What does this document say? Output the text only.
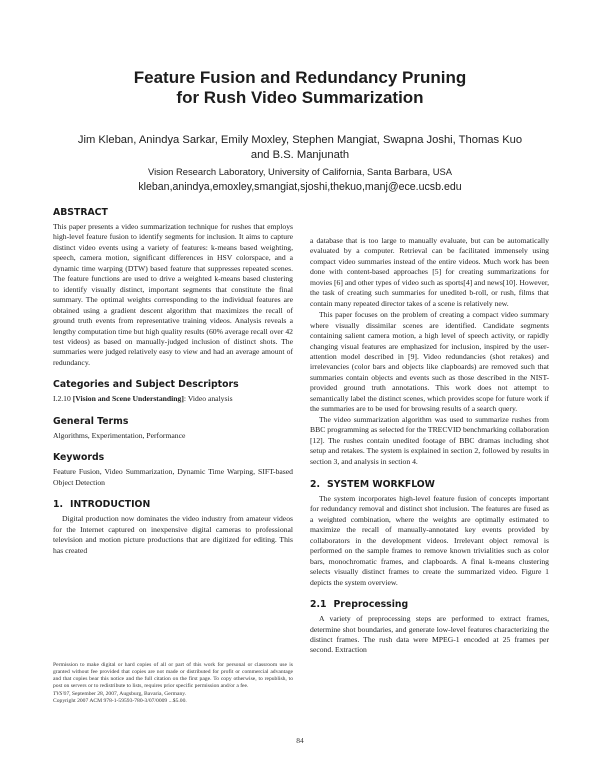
Feature Fusion and Redundancy Pruning
for Rush Video Summarization
Jim Kleban, Anindya Sarkar, Emily Moxley, Stephen Mangiat, Swapna Joshi, Thomas Kuo
and B.S. Manjunath
Vision Research Laboratory, University of California, Santa Barbara, USA
kleban,anindya,emoxley,smangiat,sjoshi,thekuo,manj@ece.ucsb.edu
ABSTRACT

This paper presents a video summarization technique for rushes that employs high-level feature fusion to identify segments for inclusion. It aims to capture distinct video events using a variety of features: k-means based weighting, speech, camera motion, significant differences in HSV colorspace, and a dynamic time warping (DTW) based feature that suppresses repeated scenes. The feature functions are used to drive a weighted k-means based clustering to identify visually distinct, important segments that constitute the final summary. The optimal weights corresponding to the individual features are obtained using a gradient descent algorithm that maximizes the recall of ground truth events from representative training videos. Analysis reveals a lengthy computation time but high quality results (60% average recall over 42 test videos) as based on manually-judged inclusion of distinct shots. The summaries were judged relatively easy to view and had an average amount of redundancy.

Categories and Subject Descriptors

I.2.10 [Vision and Scene Understanding]: Video analysis

General Terms

Algorithms, Experimentation, Performance

Keywords

Feature Fusion, Video Summarization, Dynamic Time Warping, SIFT-based Object Detection

1. INTRODUCTION

Digital production now dominates the video industry from amateur videos for the Internet captured on inexpensive digital cameras to professional television and motion picture productions that are digitized for editing. This has created

Permission to make digital or hard copies of all or part of this work for personal or classroom use is granted without fee provided that copies are not made or distributed for profit or commercial advantage and that copies bear this notice and the full citation on the first page. To copy otherwise, to republish, to post on servers or to redistribute to lists, requires prior specific permission and/or a fee.
TVS'07, September 28, 2007, Augsburg, Bavaria, Germany.
Copyright 2007 ACM 978-1-59593-780-3/07/0009 ...$5.00.

a database that is too large to manually evaluate, but can be automatically evaluated by a computer. Retrieval can be facilitated immensely using compact video summaries instead of the entire videos. Much work has been done with content-based approaches [5] for creating summarizations for movies [6] and other types of video such as sports[4] and news[10]. However, the task of creating such summaries for unedited b-roll, or rush, films that contain many repeated director takes of a scene is relatively new.

This paper focuses on the problem of creating a compact video summary where visually dissimilar scenes are identified. Candidate segments containing salient camera motion, a high level of speech activity, or rapidly changing visual features are emphasized for inclusion, inspired by the user-attention model described in [9]. Video redundancies (shot retakes) and irrelevancies (color bars and objects like clapboards) are removed such that summaries contain objects and events such as those described in the NIST-provided ground truth annotations. This work does not attempt to semantically label the distinct scenes, which provides scope for future work if the summaries are to be used for browsing results of a search query.

The video summarization algorithm was used to summarize rushes from BBC programming as selected for the TRECVID benchmarking collaboration [12]. The rushes contain unedited footage of BBC dramas including shot setup and retakes. The system is explained in section 2, followed by results in section 3, and analysis in section 4.

2. SYSTEM WORKFLOW

The system incorporates high-level feature fusion of concepts important for redundancy removal and distinct shot inclusion. The features are fused as a weighted combination, where the weights are optimally estimated to maximize the recall of manually-annotated key events provided by collaborators in the development videos. Irrelevant object removal is performed on the sample frames to remove known trivialities such as color bars, monochromatic frames, and clapboards. A final k-means clustering selects visually distinct frames to create the summarized video. Figure 1 depicts the system overview.

2.1 Preprocessing

A variety of preprocessing steps are performed to extract frames, determine shot boundaries, and generate low-level features characterizing the distinct frames. The rush data were MPEG-1 encoded at 25 frames per second. Extraction

84
